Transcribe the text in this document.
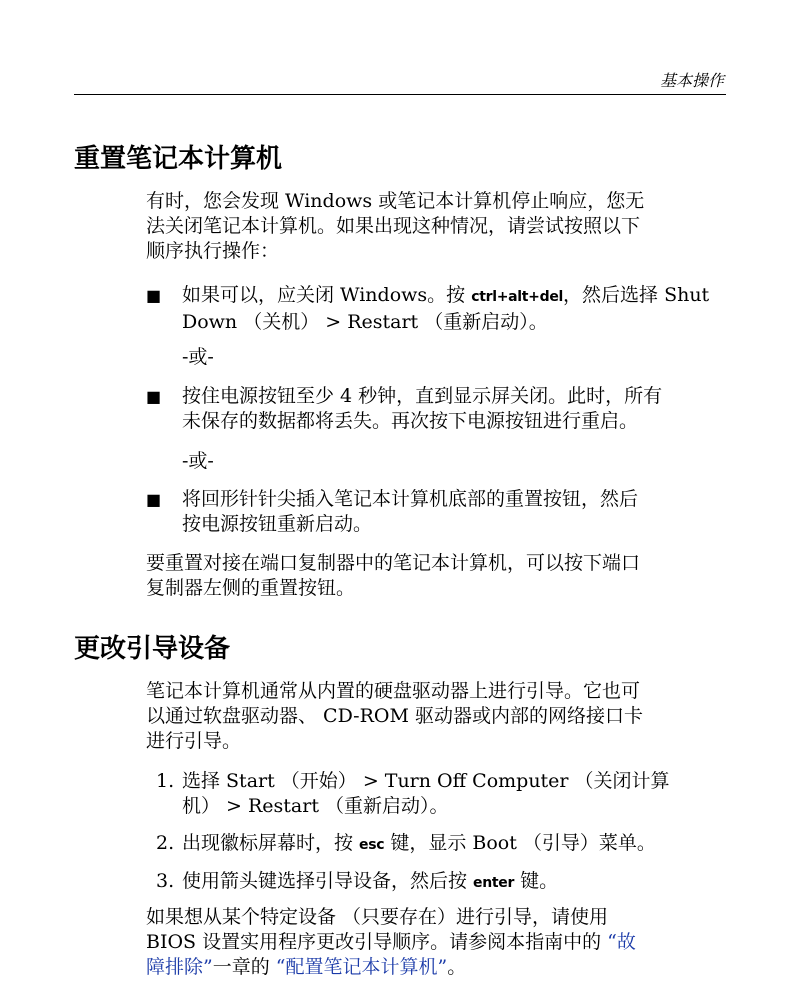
基本操作
重置笔记本计算机
有时，您会发现 Windows 或笔记本计算机停止响应，您无
法关闭笔记本计算机。如果出现这种情况，请尝试按照以下
顺序执行操作：
■ 如果可以，应关闭 Windows。按 ctrl+alt+del，然后选择 Shut
Down （关机） > Restart （重新启动）。
-或-
■ 按住电源按钮至少 4 秒钟，直到显示屏关闭。此时，所有
未保存的数据都将丢失。再次按下电源按钮进行重启。
-或-
■ 将回形针针尖插入笔记本计算机底部的重置按钮，然后
按电源按钮重新启动。
要重置对接在端口复制器中的笔记本计算机，可以按下端口
复制器左侧的重置按钮。
更改引导设备
笔记本计算机通常从内置的硬盘驱动器上进行引导。它也可
以通过软盘驱动器、 CD-ROM 驱动器或内部的网络接口卡
进行引导。
1. 选择 Start （开始） > Turn Off Computer （关闭计算
机） > Restart （重新启动）。
2. 出现徽标屏幕时，按 esc 键，显示 Boot （引导）菜单。
3. 使用箭头键选择引导设备，然后按 enter 键。
如果想从某个特定设备 （只要存在）进行引导，请使用
BIOS 设置实用程序更改引导顺序。请参阅本指南中的 “故
障排除”一章的 “配置笔记本计算机”。
